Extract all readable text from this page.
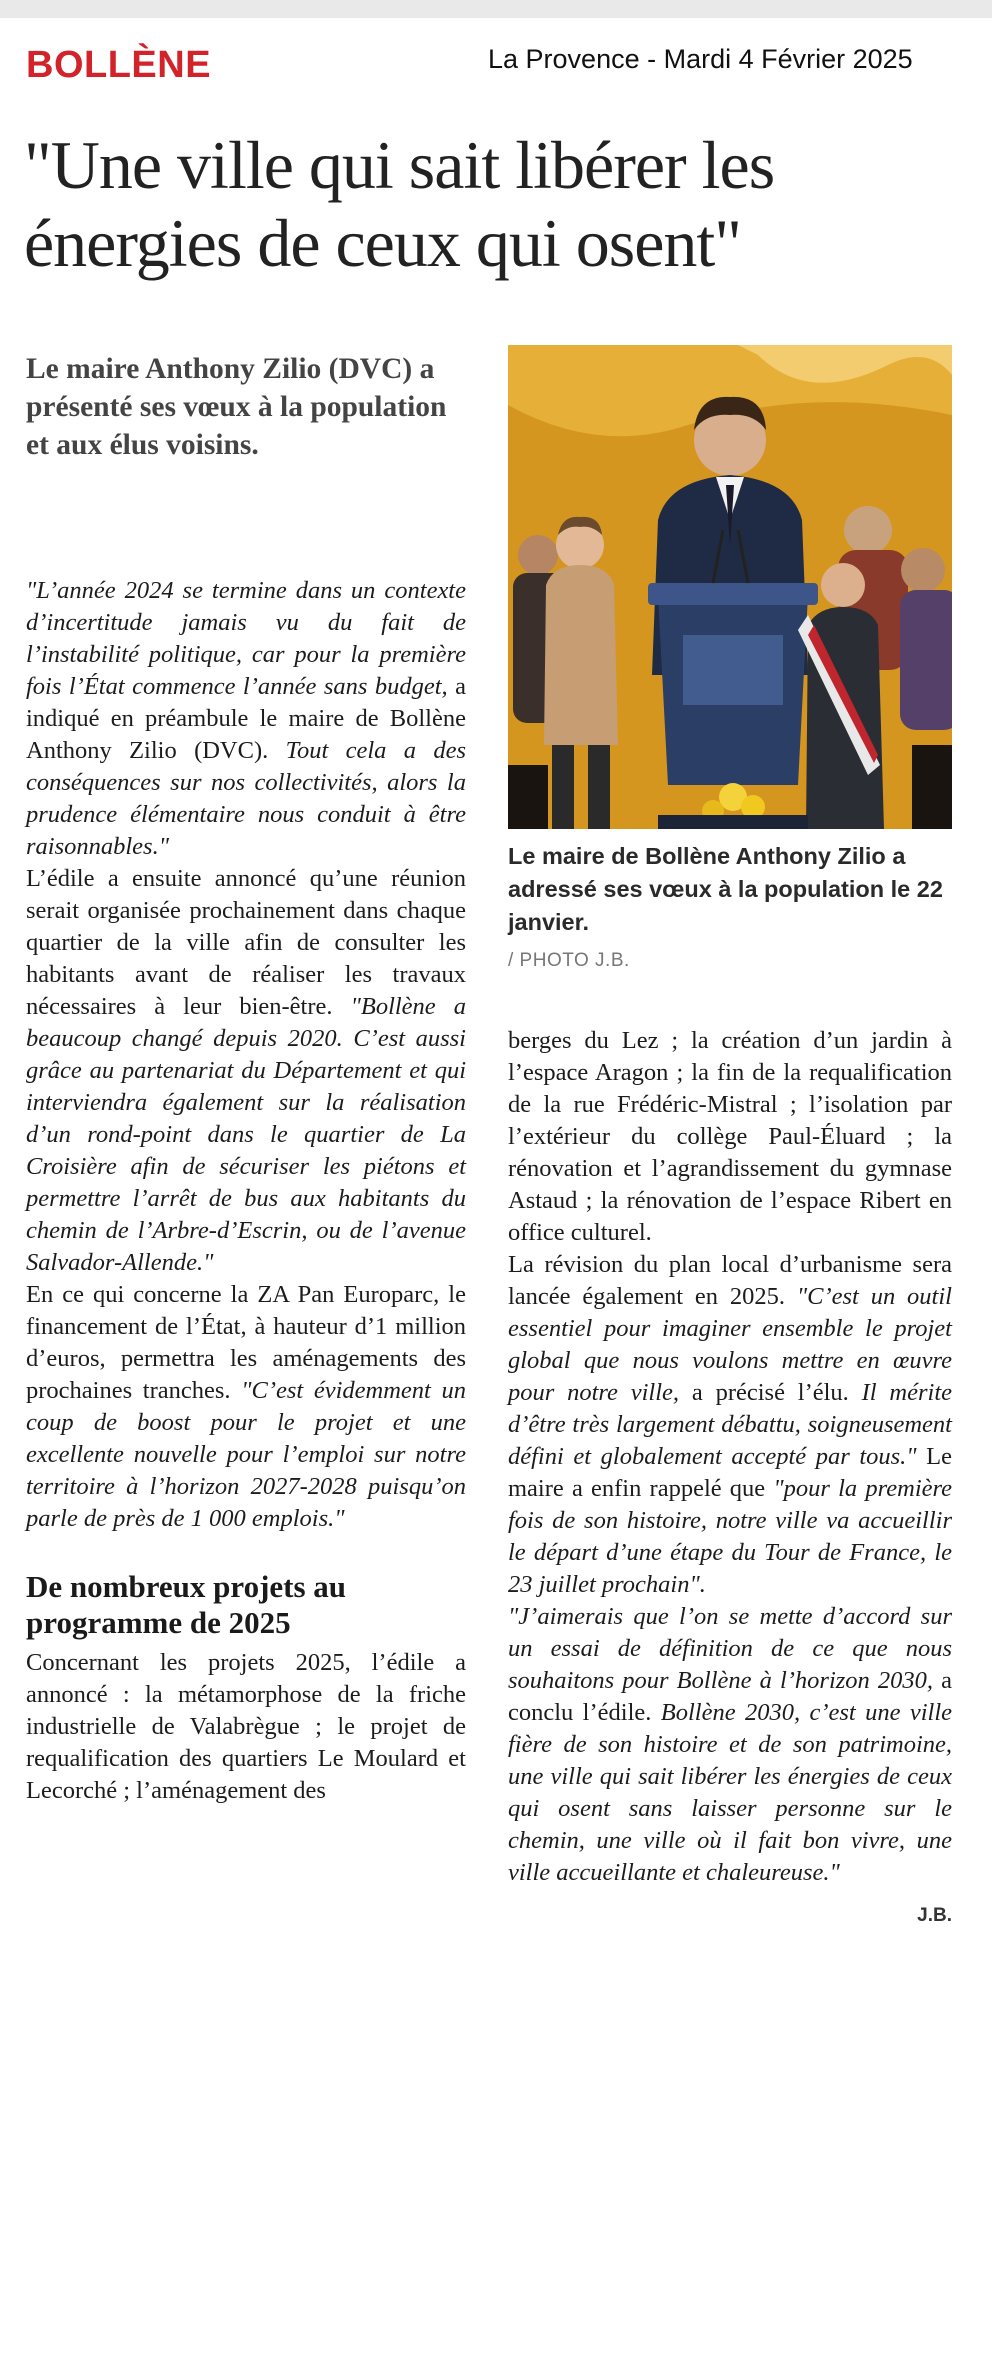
BOLLÈNE	La Provence - Mardi 4 Février 2025
"Une ville qui sait libérer les énergies de ceux qui osent"
Le maire Anthony Zilio (DVC) a présenté ses vœux à la population et aux élus voisins.
Le maire de Bollène Anthony Zilio a adressé ses vœux à la population le 22 janvier.
/ PHOTO J.B.

"L’année 2024 se termine dans un contexte d’incertitude jamais vu du fait de l’instabilité politique, car pour la première fois l’État commence l’année sans budget, a indiqué en préambule le maire de Bollène Anthony Zilio (DVC). Tout cela a des conséquences sur nos collectivités, alors la prudence élémentaire nous conduit à être raisonnables."

L’édile a ensuite annoncé qu’une réunion serait organisée prochainement dans chaque quartier de la ville afin de consulter les habitants avant de réaliser les travaux nécessaires à leur bien-être. "Bollène a beaucoup changé depuis 2020. C’est aussi grâce au partenariat du Département et qui interviendra également sur la réalisation d’un rond-point dans le quartier de La Croisière afin de sécuriser les piétons et permettre l’arrêt de bus aux habitants du chemin de l’Arbre-d’Escrin, ou de l’avenue Salvador-Allende."

En ce qui concerne la ZA Pan Europarc, le financement de l’État, à hauteur d’1 million d’euros, permettra les aménagements des prochaines tranches. "C’est évidemment un coup de boost pour le projet et une excellente nouvelle pour l’emploi sur notre territoire à l’horizon 2027-2028 puisqu’on parle de près de 1 000 emplois."

De nombreux projets au programme de 2025

Concernant les projets 2025, l’édile a annoncé : la métamorphose de la friche industrielle de Valabrègue ; le projet de requalification des quartiers Le Moulard et Lecorché ; l’aménagement des

berges du Lez ; la création d’un jardin à l’espace Aragon ; la fin de la requalification de la rue Frédéric-Mistral ; l’isolation par l’extérieur du collège Paul-Éluard ; la rénovation et l’agrandissement du gymnase Astaud ; la rénovation de l’espace Ribert en office culturel.

La révision du plan local d’urbanisme sera lancée également en 2025. "C’est un outil essentiel pour imaginer ensemble le projet global que nous voulons mettre en œuvre pour notre ville, a précisé l’élu. Il mérite d’être très largement débattu, soigneusement défini et globalement accepté par tous." Le maire a enfin rappelé que "pour la première fois de son histoire, notre ville va accueillir le départ d’une étape du Tour de France, le 23 juillet prochain".

"J’aimerais que l’on se mette d’accord sur un essai de définition de ce que nous souhaitons pour Bollène à l’horizon 2030, a conclu l’édile. Bollène 2030, c’est une ville fière de son histoire et de son patrimoine, une ville qui sait libérer les énergies de ceux qui osent sans laisser personne sur le chemin, une ville où il fait bon vivre, une ville accueillante et chaleureuse."

J.B.
